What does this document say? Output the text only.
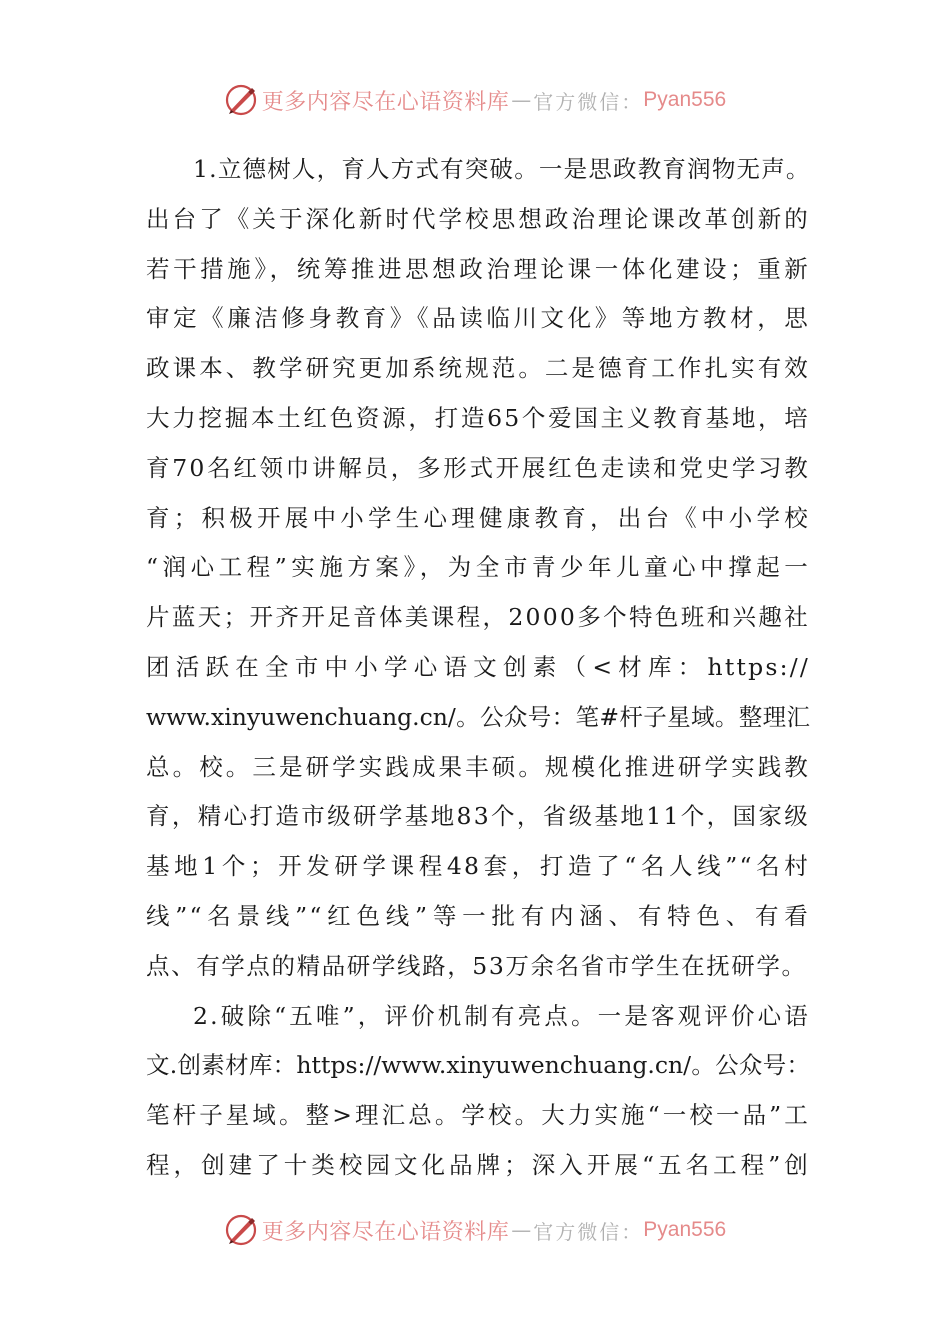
更多内容尽在心语资料库 — 官方微信： Pyan556
1.立德树人，育人方式有突破。一是思政教育润物无声。
出台了《关于深化新时代学校思想政治理论课改革创新的
若干措施》，统筹推进思想政治理论课一体化建设；重新
审定《廉洁修身教育》《品读临川文化》等地方教材，思
政课本、教学研究更加系统规范。二是德育工作扎实有效
大力挖掘本土红色资源，打造65个爱国主义教育基地，培
育70名红领巾讲解员，多形式开展红色走读和党史学习教
育；积极开展中小学生心理健康教育，出台《中小学校
“润心工程”实施方案》，为全市青少年儿童心中撑起一
片蓝天；开齐开足音体美课程，2000多个特色班和兴趣社
团活跃在全市中小学心语文创素（<材库：https://
www.xinyuwenchuang.cn/。公众号：笔#杆子星域。整理汇
总。校。三是研学实践成果丰硕。规模化推进研学实践教
育，精心打造市级研学基地83个，省级基地11个，国家级
基地1个；开发研学课程48套，打造了“名人线”“名村
线”“名景线”“红色线”等一批有内涵、有特色、有看
点、有学点的精品研学线路，53万余名省市学生在抚研学。
2.破除“五唯”，评价机制有亮点。一是客观评价心语
文.创素材库：https://www.xinyuwenchuang.cn/。公众号：
笔杆子星域。整>理汇总。学校。大力实施“一校一品”工
程，创建了十类校园文化品牌；深入开展“五名工程”创
更多内容尽在心语资料库 — 官方微信： Pyan556
